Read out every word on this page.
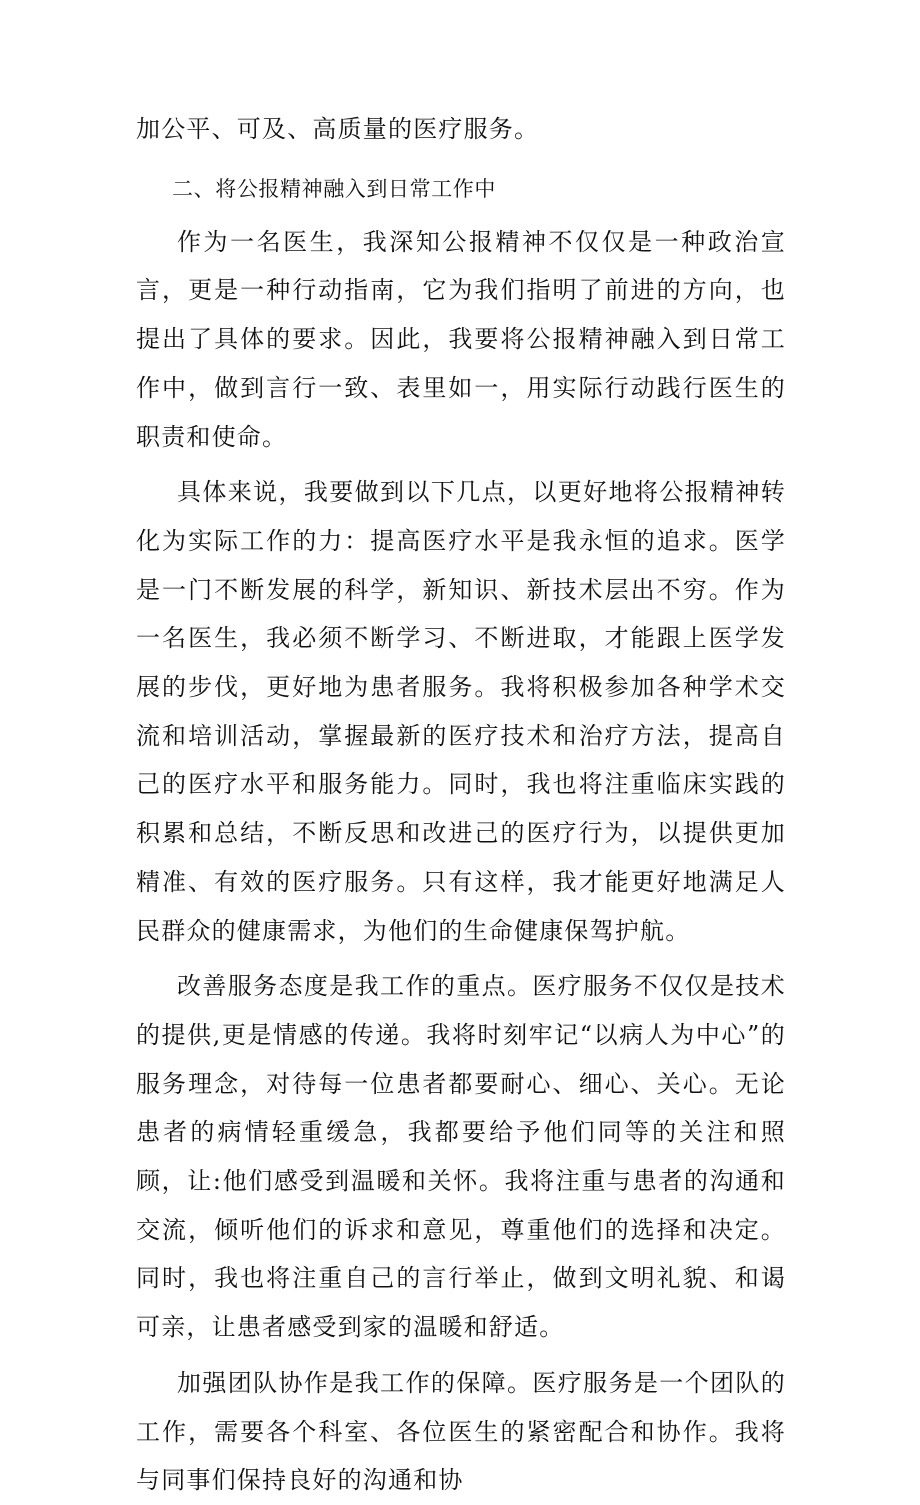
加公平、可及、高质量的医疗服务。

二、将公报精神融入到日常工作中

作为一名医生，我深知公报精神不仅仅是一种政治宣言，更是一种行动指南，它为我们指明了前进的方向，也提出了具体的要求。因此，我要将公报精神融入到日常工作中，做到言行一致、表里如一，用实际行动践行医生的职责和使命。

具体来说，我要做到以下几点，以更好地将公报精神转化为实际工作的力：提高医疗水平是我永恒的追求。医学是一门不断发展的科学，新知识、新技术层出不穷。作为一名医生，我必须不断学习、不断进取，才能跟上医学发展的步伐，更好地为患者服务。我将积极参加各种学术交流和培训活动，掌握最新的医疗技术和治疗方法，提高自己的医疗水平和服务能力。同时，我也将注重临床实践的积累和总结，不断反思和改进己的医疗行为，以提供更加精准、有效的医疗服务。只有这样，我才能更好地满足人民群众的健康需求，为他们的生命健康保驾护航。

改善服务态度是我工作的重点。医疗服务不仅仅是技术的提供,更是情感的传递。我将时刻牢记“以病人为中心”的服务理念，对待每一位患者都要耐心、细心、关心。无论患者的病情轻重缓急，我都要给予他们同等的关注和照顾，让:他们感受到温暖和关怀。我将注重与患者的沟通和交流，倾听他们的诉求和意见，尊重他们的选择和决定。同时，我也将注重自己的言行举止，做到文明礼貌、和谒可亲，让患者感受到家的温暖和舒适。

加强团队协作是我工作的保障。医疗服务是一个团队的工作，需要各个科室、各位医生的紧密配合和协作。我将与同事们保持良好的沟通和协
